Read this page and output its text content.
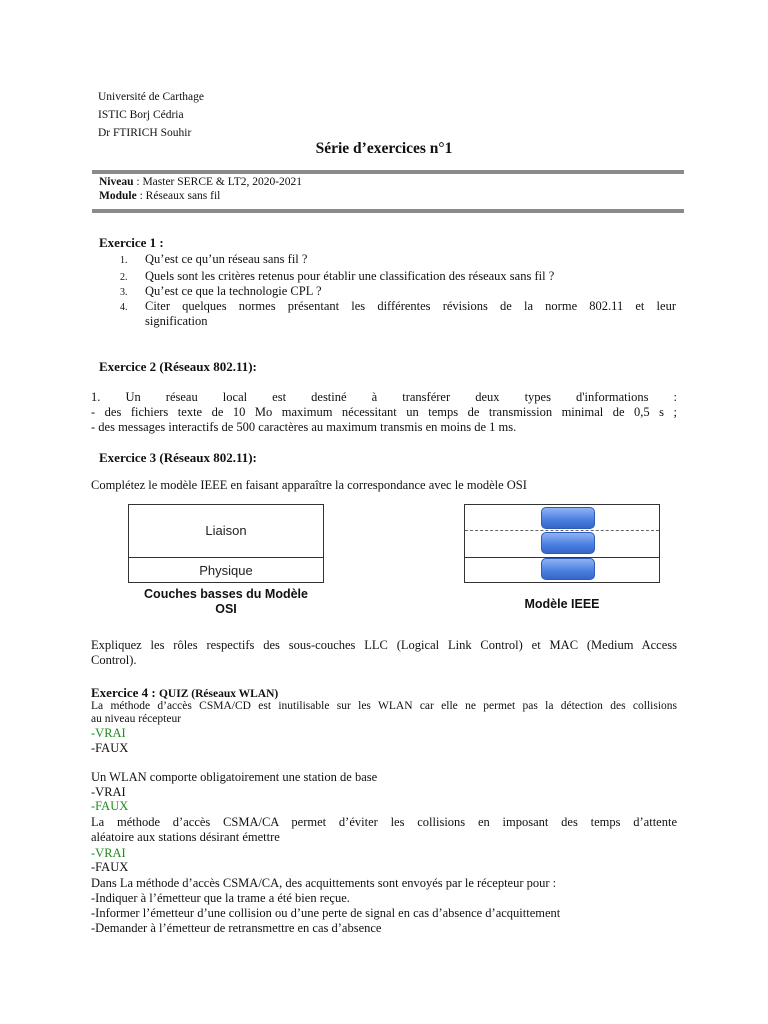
Université de Carthage
ISTIC Borj Cédria
Dr FTIRICH Souhir
Série d’exercices n°1
Niveau : Master SERCE & LT2, 2020-2021
Module : Réseaux sans fil
Exercice 1 :
1. Qu’est ce qu’un réseau sans fil ?
2. Quels sont les critères retenus pour établir une classification des réseaux sans fil ?
3. Qu’est ce que la technologie CPL ?
4. Citer quelques normes présentant les différentes révisions de la norme 802.11 et leur
signification
Exercice 2 (Réseaux 802.11):
1. Un réseau local est destiné à transférer deux types d'informations :
- des fichiers texte de 10 Mo maximum nécessitant un temps de transmission minimal de 0,5 s ;
- des messages interactifs de 500 caractères au maximum transmis en moins de 1 ms.
Exercice 3 (Réseaux 802.11):
Complétez le modèle IEEE en faisant apparaître la correspondance avec le modèle OSI
Liaison
Physique
Couches basses du Modèle
OSI	Modèle IEEE
Expliquez les rôles respectifs des sous-couches LLC (Logical Link Control) et MAC (Medium Access
Control).
Exercice 4 : QUIZ (Réseaux WLAN)
La méthode d’accès CSMA/CD est inutilisable sur les WLAN car elle ne permet pas la détection des collisions
au niveau récepteur
-VRAI
-FAUX
Un WLAN comporte obligatoirement une station de base
-VRAI
-FAUX
La méthode d’accès CSMA/CA permet d’éviter les collisions en imposant des temps d’attente
aléatoire aux stations désirant émettre
-VRAI
-FAUX
Dans La méthode d’accès CSMA/CA, des acquittements sont envoyés par le récepteur pour :
-Indiquer à l’émetteur que la trame a été bien reçue.
-Informer l’émetteur d’une collision ou d’une perte de signal en cas d’absence d’acquittement
-Demander à l’émetteur de retransmettre en cas d’absence
